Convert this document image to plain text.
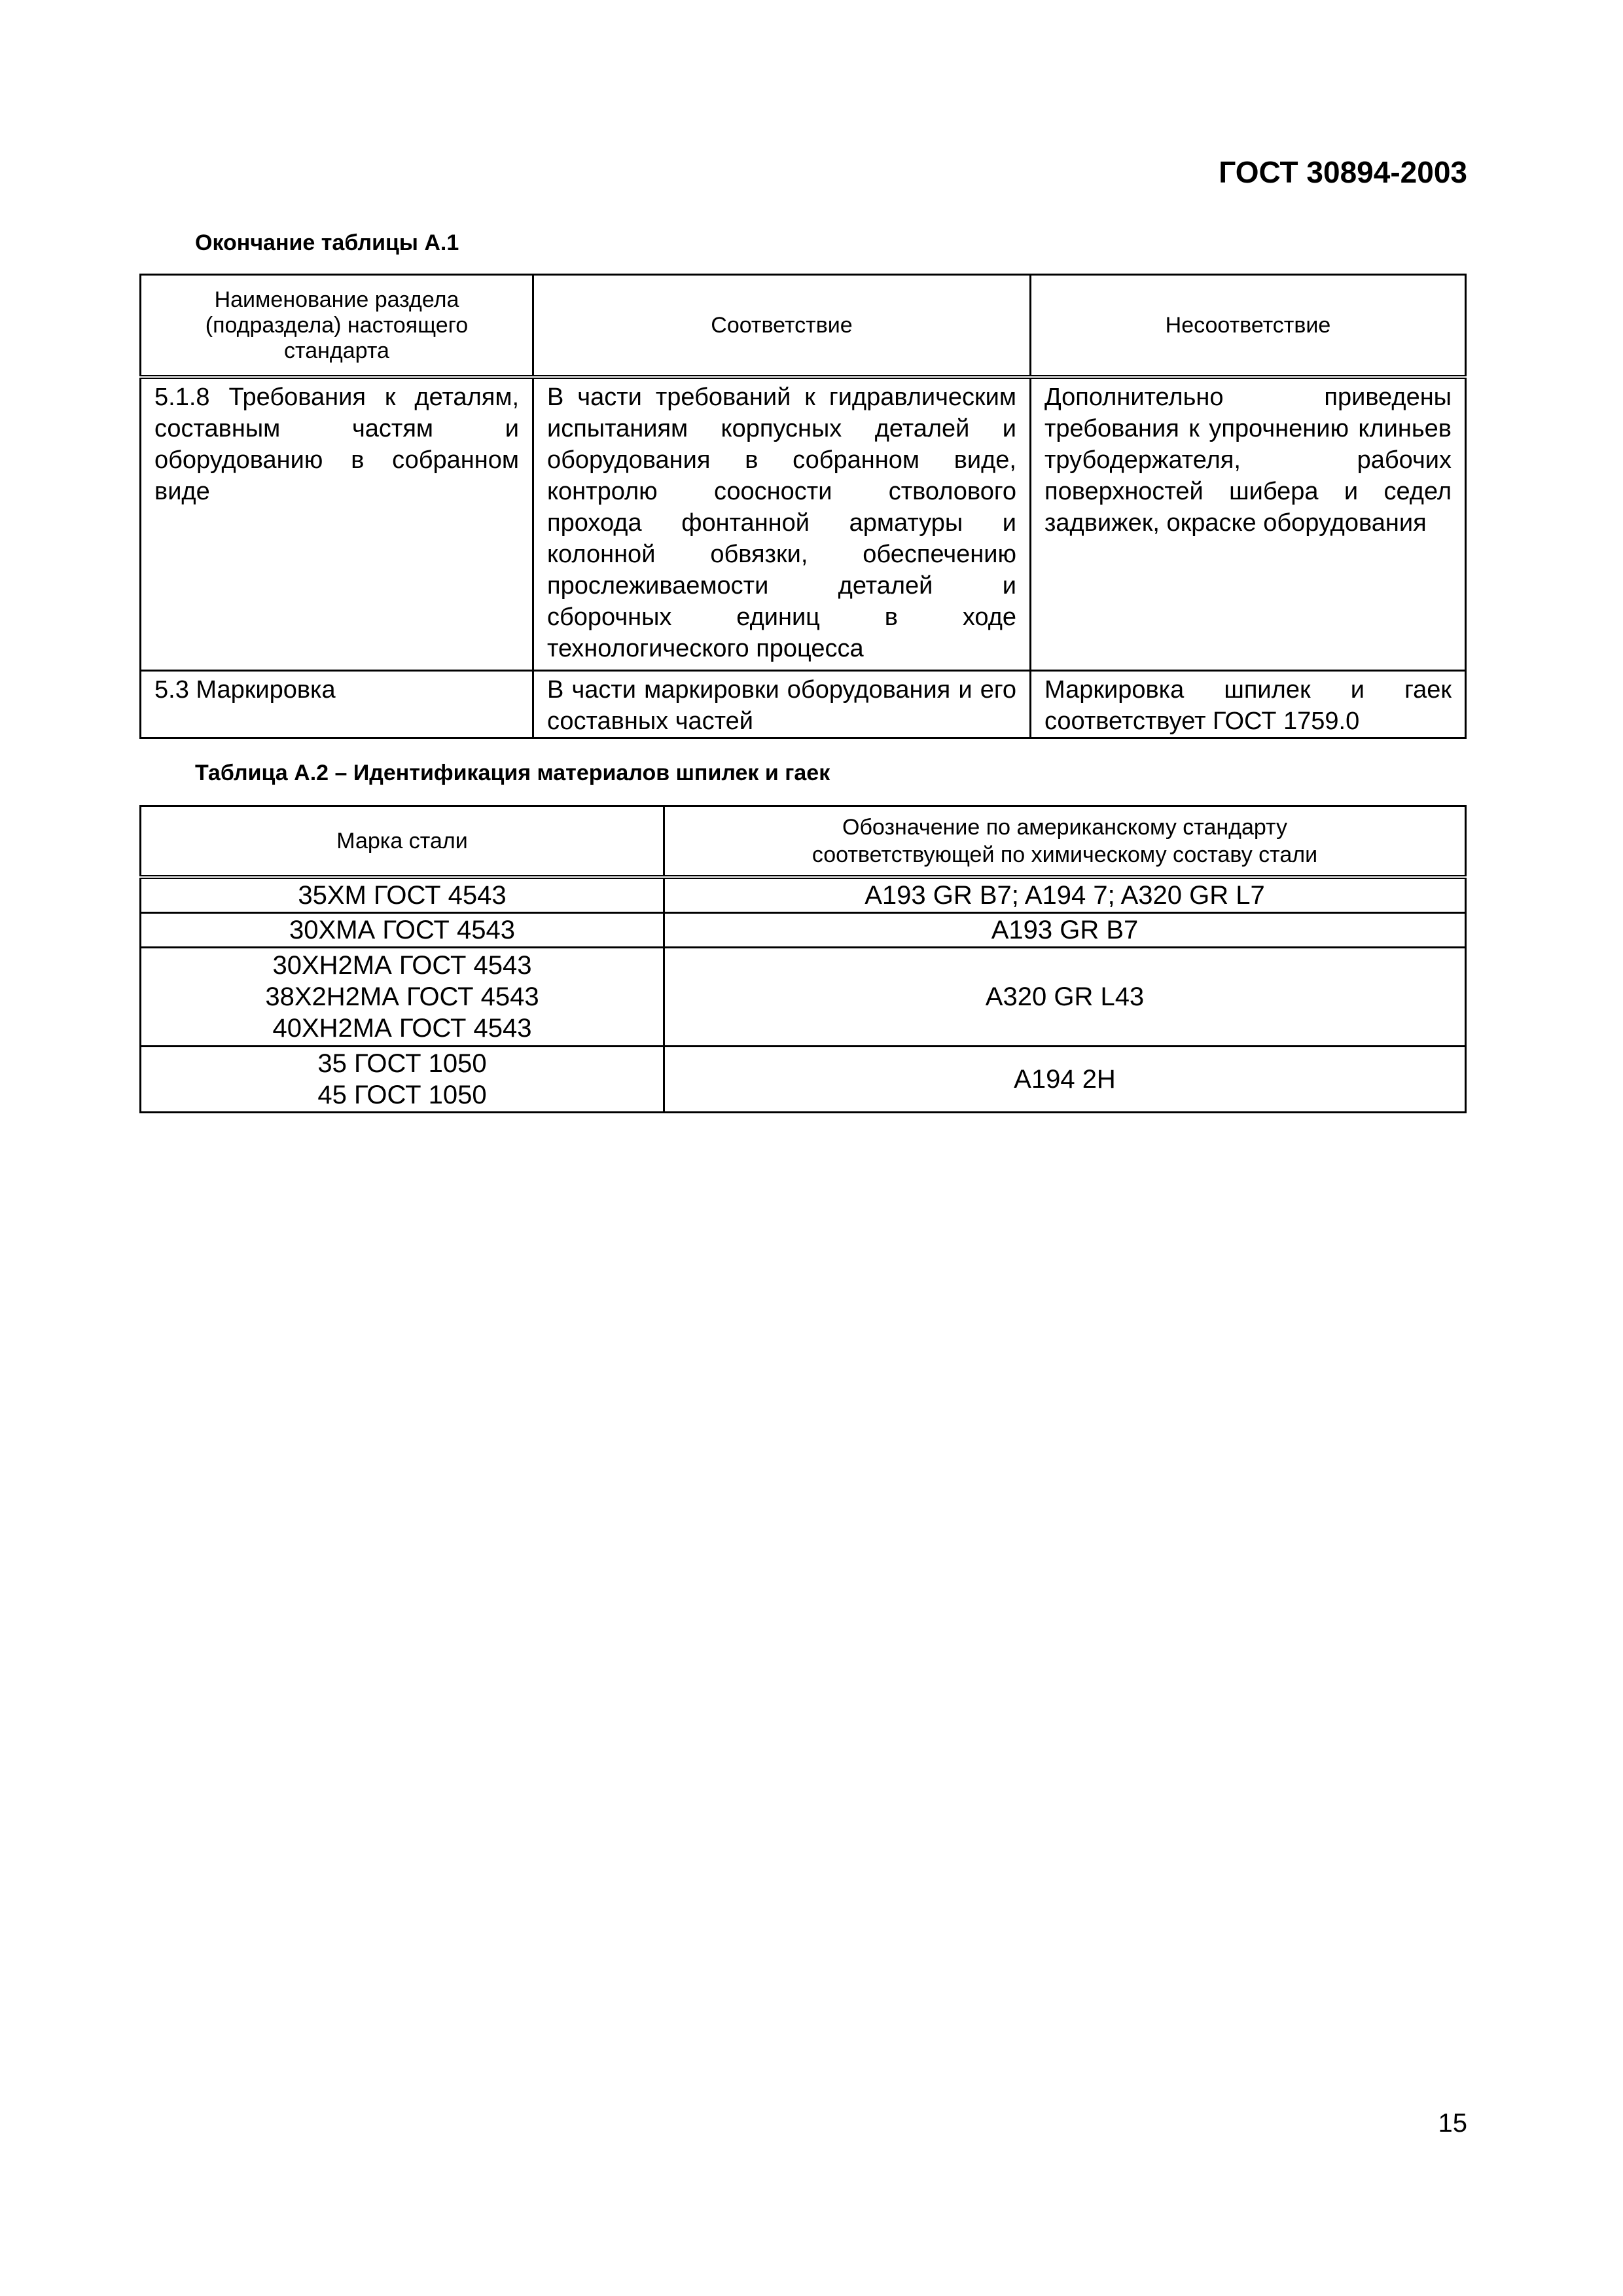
ГОСТ 30894-2003
Окончание таблицы А.1
Наименование раздела (подраздела) настоящего стандарта	Соответствие	Несоответствие
5.1.8 Требования к деталям, составным частям и оборудованию в собранном виде	В части требований к гидравлическим испытаниям корпусных деталей и оборудования в собранном виде, контролю соосности стволового прохода фонтанной арматуры и колонной обвязки, обеспечению прослеживаемости деталей и сборочных единиц в ходе технологического процесса	Дополнительно приведены требования к упрочнению клиньев трубодержателя, рабочих поверхностей шибера и седел задвижек, окраске оборудования
5.3 Маркировка	В части маркировки оборудования и его составных частей	Маркировка шпилек и гаек соответствует ГОСТ 1759.0
Таблица А.2 – Идентификация материалов шпилек и гаек
Марка стали	Обозначение по американскому стандарту соответствующей по химическому составу стали

35ХМ ГОСТ 4543	A193 GR B7; A194 7; A320 GR L7

30ХМА ГОСТ 4543	A193 GR B7

30ХН2МА ГОСТ 4543
38Х2Н2МА ГОСТ 4543
40ХН2МА ГОСТ 4543	A320 GR L43

35 ГОСТ 1050
45 ГОСТ 1050	A194 2H
15
